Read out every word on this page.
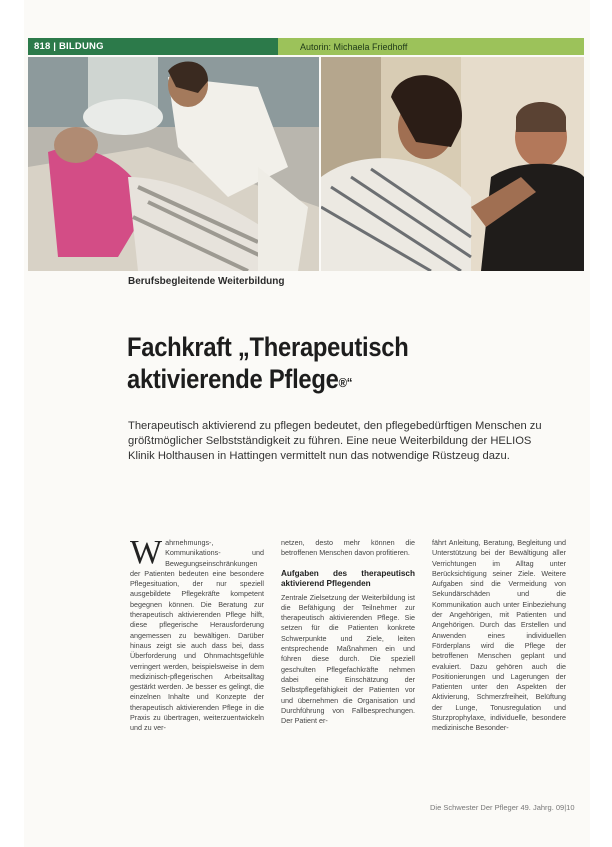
818 | BILDUNG	Autorin: Michaela Friedhoff
Berufsbegleitende Weiterbildung
Fachkraft „Therapeutisch
aktivierende Pflege®“
Therapeutisch aktivierend zu pflegen bedeutet, den pflegebedürftigen Menschen zu größtmöglicher Selbstständigkeit zu führen. Eine neue Weiterbildung der HELIOS Klinik Holthausen in Hattingen vermittelt nun das notwendige Rüstzeug dazu.

Wahrnehmungs-, Kommunikations- und Bewegungseinschränkungen der Patienten bedeuten eine besondere Pflegesituation, der nur speziell ausgebildete Pflegekräfte kompetent begegnen können. Die Beratung zur therapeutisch aktivierenden Pflege hilft, diese pflegerische Herausforderung angemessen zu bewältigen. Darüber hinaus zeigt sie auch dass bei, dass Überforderung und Ohnmachtsgefühle verringert werden, beispielsweise in dem medizinisch-pflegerischen Arbeitsalltag gestärkt werden. Je besser es gelingt, die einzelnen Inhalte und Konzepte der therapeutisch aktivierenden Pflege in die Praxis zu übertragen, weiterzuentwickeln und zu ver-

netzen, desto mehr können die betroffenen Menschen davon profitieren.

Aufgaben des therapeutisch aktivierend Pflegenden

Zentrale Zielsetzung der Weiterbildung ist die Befähigung der Teilnehmer zur therapeutisch aktivierenden Pflege. Sie setzen für die Patienten konkrete Schwerpunkte und Ziele, leiten entsprechende Maßnahmen ein und führen diese durch. Die speziell geschulten Pflegefachkräfte nehmen dabei eine Einschätzung der Selbstpflegefähigkeit der Patienten vor und übernehmen die Organisation und Durchführung von Fallbesprechungen. Der Patient er-

fährt Anleitung, Beratung, Begleitung und Unterstützung bei der Bewältigung aller Verrichtungen im Alltag unter Berücksichtigung seiner Ziele. Weitere Aufgaben sind die Vermeidung von Sekundärschäden und die Kommunikation auch unter Einbeziehung der Angehörigen, mit Patienten und Angehörigen. Durch das Erstellen und Anwenden eines individuellen Förderplans wird die Pflege der betroffenen Menschen geplant und evaluiert. Dazu gehören auch die Positionierungen und Lagerungen der Patienten unter den Aspekten der Aktivierung, Schmerzfreiheit, Belüftung der Lunge, Tonusregulation und Sturzprophylaxe, individuelle, besondere medizinische Besonder-

Die Schwester Der Pfleger 49. Jahrg. 09|10
